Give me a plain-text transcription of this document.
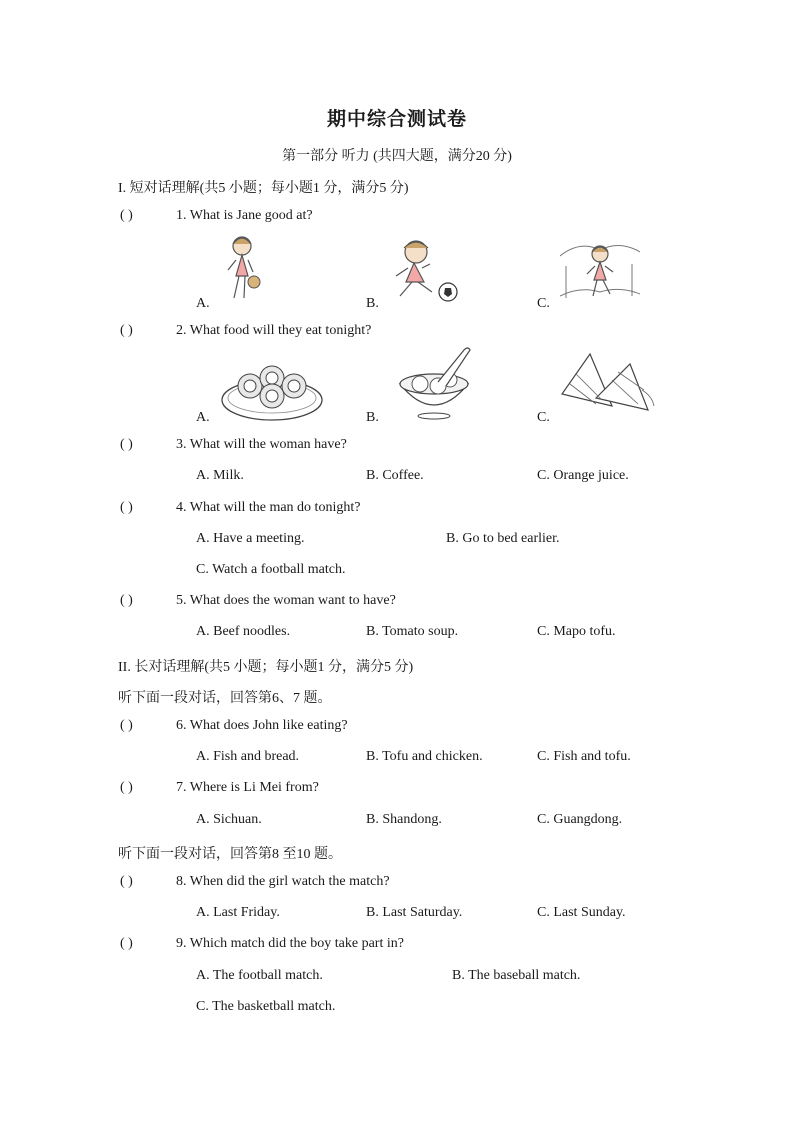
期中综合测试卷
第一部分 听力 (共四大题，满分20 分)
I. 短对话理解(共5 小题；每小题1 分，满分5 分)
( )	1. What is Jane good at?
A.	B.	C.
( )	2. What food will they eat tonight?
A.	B.	C.
( )	3. What will the woman have?
A. Milk.	B. Coffee.	C. Orange juice.
( )	4. What will the man do tonight?
A. Have a meeting.	B. Go to bed earlier.
C. Watch a football match.
( )	5. What does the woman want to have?
A. Beef noodles.	B. Tomato soup.	C. Mapo tofu.
II. 长对话理解(共5 小题；每小题1 分，满分5 分)
听下面一段对话，回答第6、7 题。
( )	6. What does John like eating?
A. Fish and bread.	B. Tofu and chicken.	C. Fish and tofu.
( )	7. Where is Li Mei from?
A. Sichuan.	B. Shandong.	C. Guangdong.
听下面一段对话，回答第8 至10 题。
( )	8. When did the girl watch the match?
A. Last Friday.	B. Last Saturday.	C. Last Sunday.
( )	9. Which match did the boy take part in?
A. The football match.	B. The baseball match.
C. The basketball match.
